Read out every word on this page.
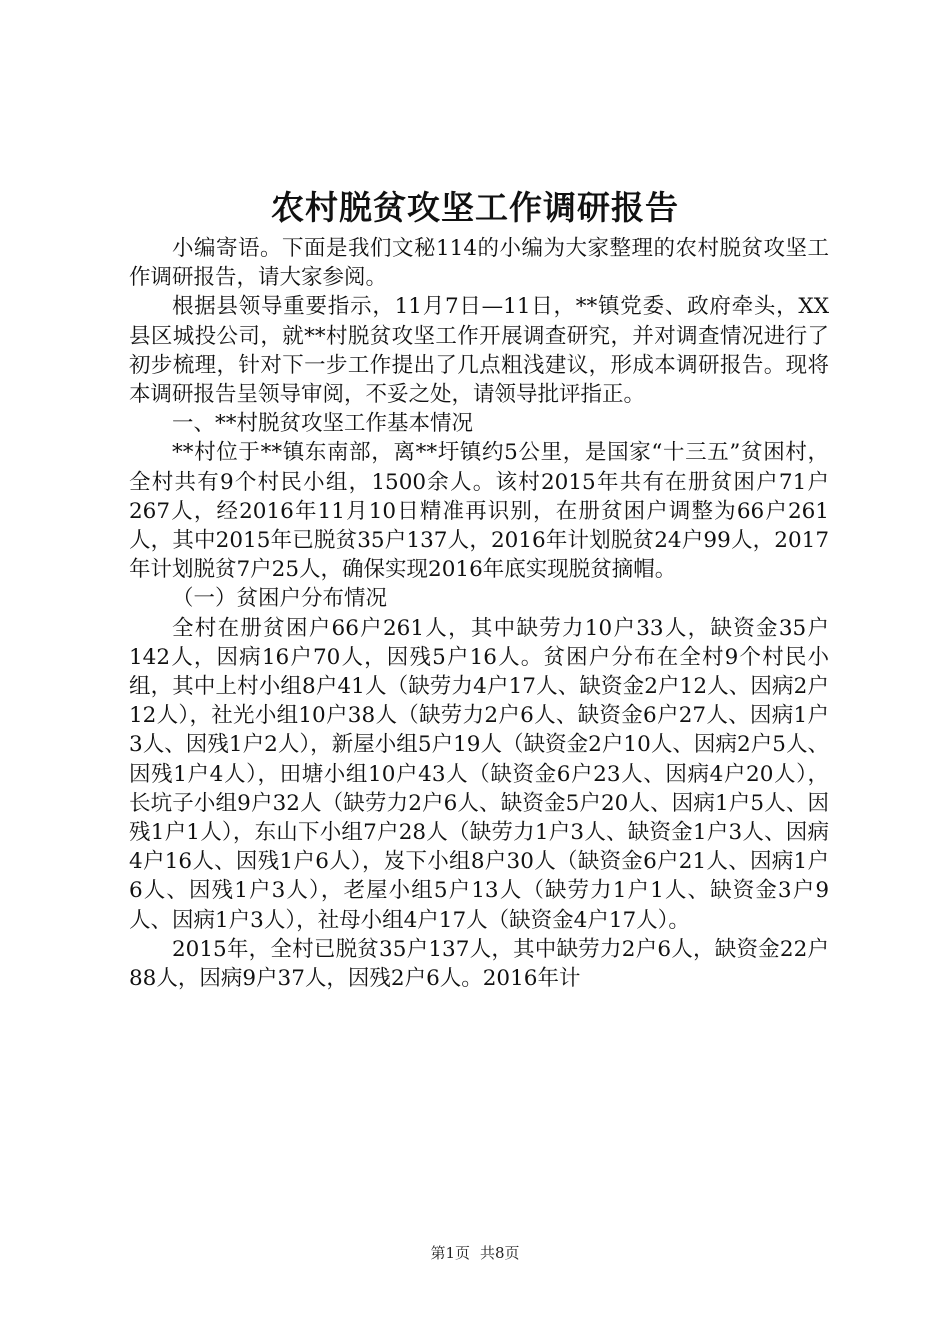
农村脱贫攻坚工作调研报告

小编寄语。下面是我们文秘114的小编为大家整理的农村脱贫攻坚工作调研报告，请大家参阅。

根据县领导重要指示，11月7日—11日，**镇党委、政府牵头，XX县区城投公司，就**村脱贫攻坚工作开展调查研究，并对调查情况进行了初步梳理，针对下一步工作提出了几点粗浅建议，形成本调研报告。现将本调研报告呈领导审阅，不妥之处，请领导批评指正。

一、**村脱贫攻坚工作基本情况

**村位于**镇东南部，离**圩镇约5公里，是国家“十三五”贫困村，全村共有9个村民小组，1500余人。该村2015年共有在册贫困户71户267人，经2016年11月10日精准再识别，在册贫困户调整为66户261人，其中2015年已脱贫35户137人，2016年计划脱贫24户99人，2017年计划脱贫7户25人，确保实现2016年底实现脱贫摘帽。

（一）贫困户分布情况

全村在册贫困户66户261人，其中缺劳力10户33人，缺资金35户142人，因病16户70人，因残5户16人。贫困户分布在全村9个村民小组，其中上村小组8户41人（缺劳力4户17人、缺资金2户12人、因病2户12人），社光小组10户38人（缺劳力2户6人、缺资金6户27人、因病1户3人、因残1户2人），新屋小组5户19人（缺资金2户10人、因病2户5人、因残1户4人），田塘小组10户43人（缺资金6户23人、因病4户20人），长坑子小组9户32人（缺劳力2户6人、缺资金5户20人、因病1户5人、因残1户1人），东山下小组7户28人（缺劳力1户3人、缺资金1户3人、因病4户16人、因残1户6人），岌下小组8户30人（缺资金6户21人、因病1户6人、因残1户3人），老屋小组5户13人（缺劳力1户1人、缺资金3户9人、因病1户3人），社母小组4户17人（缺资金4户17人）。

2015年，全村已脱贫35户137人，其中缺劳力2户6人，缺资金22户88人，因病9户37人，因残2户6人。2016年计

第1页 共8页
